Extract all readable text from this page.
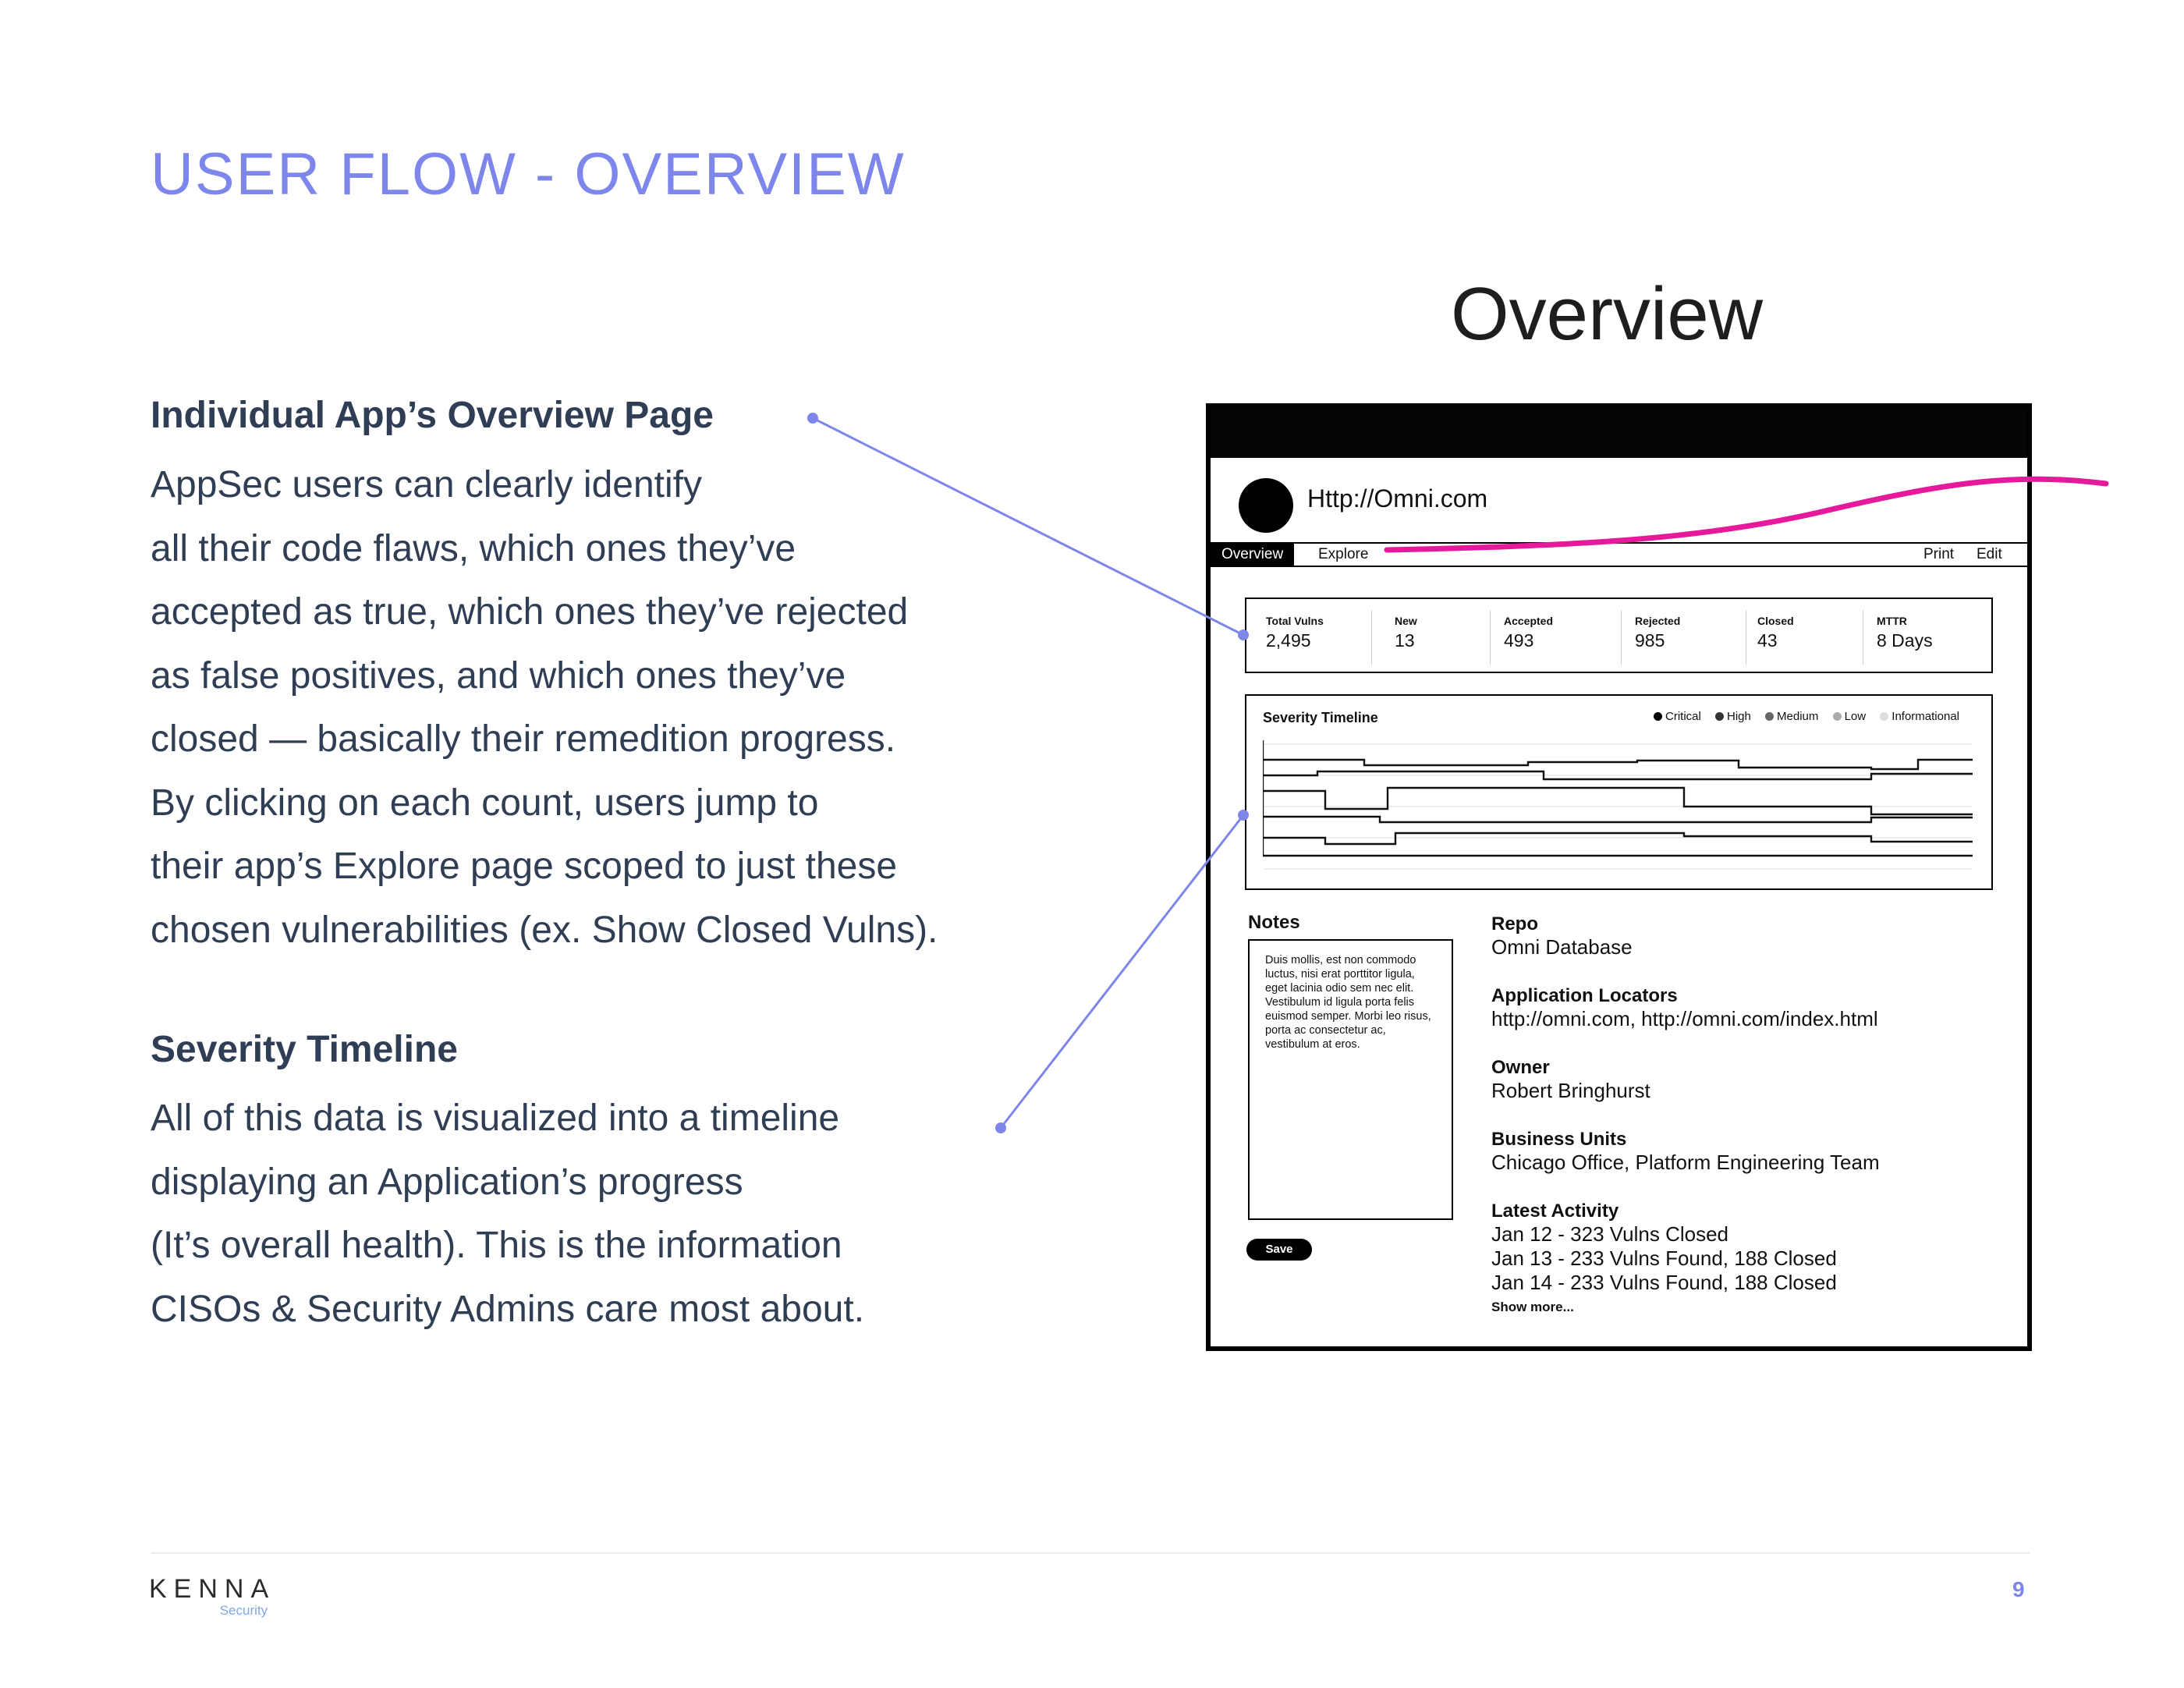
USER FLOW - OVERVIEW
Overview
Individual App’s Overview Page
AppSec users can clearly identify
all their code flaws, which ones they’ve
accepted as true, which ones they’ve rejected
as false positives, and which ones they’ve
closed — basically their remedition progress.
By clicking on each count, users jump to
their app’s Explore page scoped to just these
chosen vulnerabilities (ex. Show Closed Vulns).
Severity Timeline
All of this data is visualized into a timeline
displaying an Application’s progress
(It’s overall health). This is the information
CISOs & Security Admins care most about.
Http://Omni.com
Overview	Explore	Print	Edit
Total Vulns
2,495
New
13
Accepted
493
Rejected
985
Closed
43
MTTR
8 Days
Severity Timeline	Critical High Medium Low Informational
Notes
Duis mollis, est non commodo luctus, nisi erat porttitor ligula, eget lacinia odio sem nec elit. Vestibulum id ligula porta felis euismod semper. Morbi leo risus, porta ac consectetur ac, vestibulum at eros.
Save
Repo
Omni Database
Application Locators
http://omni.com, http://omni.com/index.html
Owner
Robert Bringhurst
Business Units
Chicago Office, Platform Engineering Team
Latest Activity
Jan 12 - 323 Vulns Closed
Jan 13 - 233 Vulns Found, 188 Closed
Jan 14 - 233 Vulns Found, 188 Closed
Show more...
KENNA
Security
9
